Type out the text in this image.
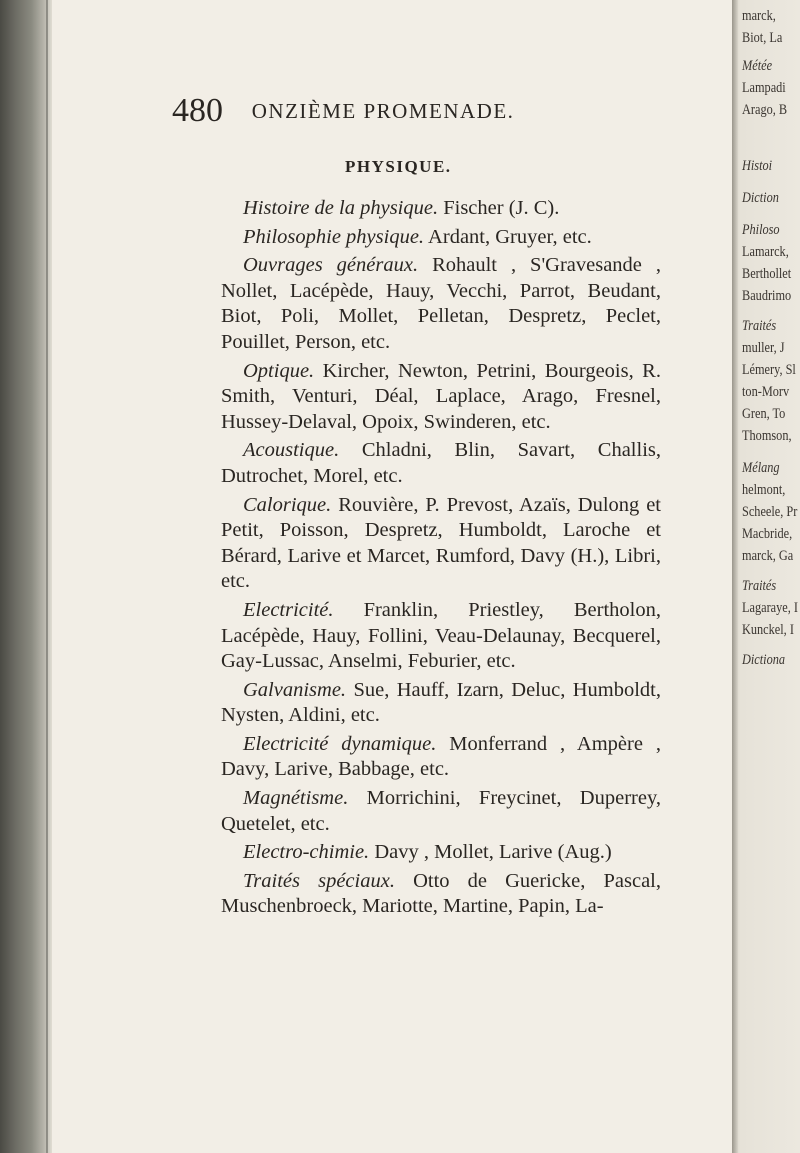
480 ONZIÈME PROMENADE.
PHYSIQUE.

Histoire de la physique. Fischer (J. C).

Philosophie physique. Ardant, Gruyer, etc.

Ouvrages généraux. Rohault , S'Gravesande , Nollet, Lacépède, Hauy, Vecchi, Parrot, Beudant, Biot, Poli, Mollet, Pelletan, Despretz, Peclet, Pouillet, Person, etc.

Optique. Kircher, Newton, Petrini, Bourgeois, R. Smith, Venturi, Déal, Laplace, Arago, Fresnel, Hussey-Delaval, Opoix, Swinderen, etc.

Acoustique. Chladni, Blin, Savart, Challis, Dutrochet, Morel, etc.

Calorique. Rouvière, P. Prevost, Azaïs, Dulong et Petit, Poisson, Despretz, Humboldt, Laroche et Bérard, Larive et Marcet, Rumford, Davy (H.), Libri, etc.

Electricité. Franklin, Priestley, Bertholon, Lacépède, Hauy, Follini, Veau-Delaunay, Becquerel, Gay-Lussac, Anselmi, Feburier, etc.

Galvanisme. Sue, Hauff, Izarn, Deluc, Humboldt, Nysten, Aldini, etc.

Electricité dynamique. Monferrand , Ampère , Davy, Larive, Babbage, etc.

Magnétisme. Morrichini, Freycinet, Duperrey, Quetelet, etc.

Electro-chimie. Davy , Mollet, Larive (Aug.)

Traités spéciaux. Otto de Guericke, Pascal, Muschenbroeck, Mariotte, Martine, Papin, La-

marck,
Biot, La
Métée
Lampadi
Arago, B
Histoi
Diction
Philoso
Lamarck,
Berthollet
Baudrimo
Traités
muller, J
Lémery, Sl
ton-Morv
Gren, To
Thomson,
Mélang
helmont,
Scheele, Pr
Macbride,
marck, Ga
Traités
Lagaraye, I
Kunckel, I
Dictiona
